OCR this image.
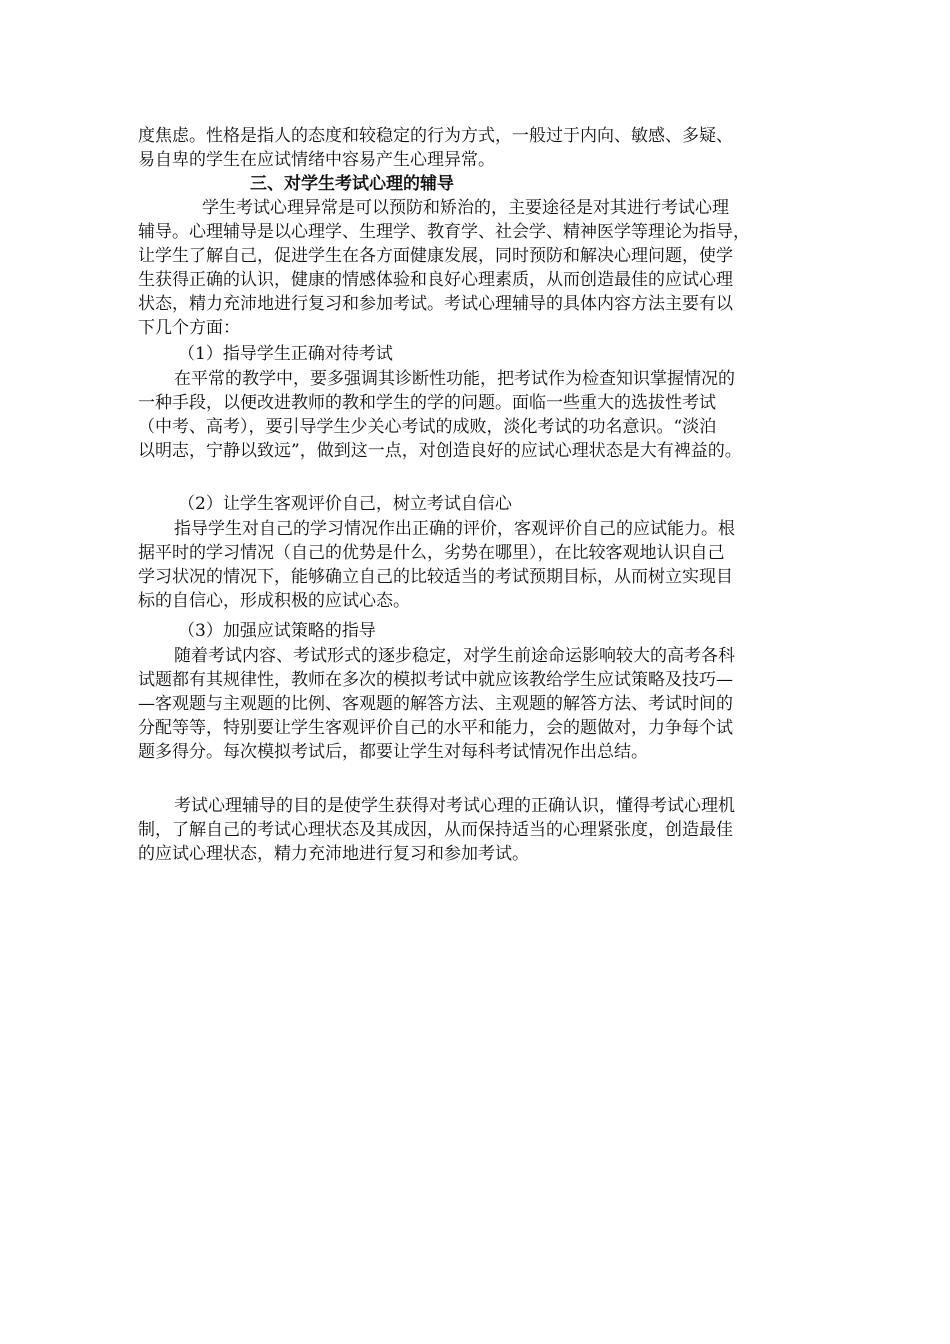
度焦虑。性格是指人的态度和较稳定的行为方式，一般过于内向、敏感、多疑、
易自卑的学生在应试情绪中容易产生心理异常。
三、对学生考试心理的辅导
学生考试心理异常是可以预防和矫治的，主要途径是对其进行考试心理
辅导。心理辅导是以心理学、生理学、教育学、社会学、精神医学等理论为指导，
让学生了解自己，促进学生在各方面健康发展，同时预防和解决心理问题，使学
生获得正确的认识，健康的情感体验和良好心理素质，从而创造最佳的应试心理
状态，精力充沛地进行复习和参加考试。考试心理辅导的具体内容方法主要有以
下几个方面：
（1）指导学生正确对待考试
在平常的教学中，要多强调其诊断性功能，把考试作为检查知识掌握情况的
一种手段，以便改进教师的教和学生的学的问题。面临一些重大的选拔性考试
（中考、高考），要引导学生少关心考试的成败，淡化考试的功名意识。“淡泊
以明志，宁静以致远”，做到这一点，对创造良好的应试心理状态是大有裨益的。
（2）让学生客观评价自己，树立考试自信心
指导学生对自己的学习情况作出正确的评价，客观评价自己的应试能力。根
据平时的学习情况（自己的优势是什么，劣势在哪里），在比较客观地认识自己
学习状况的情况下，能够确立自己的比较适当的考试预期目标，从而树立实现目
标的自信心，形成积极的应试心态。
（3）加强应试策略的指导
随着考试内容、考试形式的逐步稳定，对学生前途命运影响较大的高考各科
试题都有其规律性，教师在多次的模拟考试中就应该教给学生应试策略及技巧—
—客观题与主观题的比例、客观题的解答方法、主观题的解答方法、考试时间的
分配等等，特别要让学生客观评价自己的水平和能力，会的题做对，力争每个试
题多得分。每次模拟考试后，都要让学生对每科考试情况作出总结。
考试心理辅导的目的是使学生获得对考试心理的正确认识，懂得考试心理机
制，了解自己的考试心理状态及其成因，从而保持适当的心理紧张度，创造最佳
的应试心理状态，精力充沛地进行复习和参加考试。
